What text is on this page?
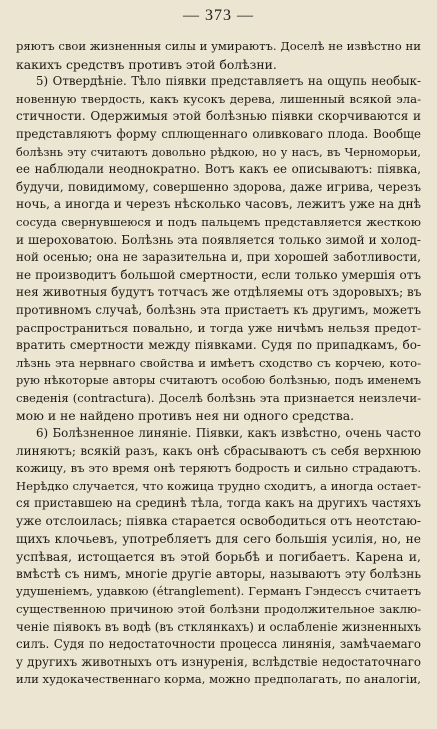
— 373 —
ряютъ свои жизненныя силы и умираютъ. Доселѣ не извѣстно ни
какихъ средствъ противъ этой болѣзни.
5) Отвердѣніе. Тѣло піявки представляетъ на ощупь необык-
новенную твердость, какъ кусокъ дерева, лишенный всякой эла-
стичности. Одержимыя этой болѣзнью піявки скорчиваются и
представляютъ форму сплющеннаго оливковаго плода. Вообще
болѣзнь эту считаютъ довольно рѣдкою, но у насъ, въ Черноморьи,
ее наблюдали неоднократно. Вотъ какъ ее описываютъ: піявка,
будучи, повидимому, совершенно здорова, даже игрива, черезъ
ночь, а иногда и черезъ нѣсколько часовъ, лежитъ уже на днѣ
сосуда свернувшеюся и подъ пальцемъ представляется жесткою
и шероховатою. Болѣзнь эта появляется только зимой и холод-
ной осенью; она не заразительна и, при хорошей заботливости,
не производитъ большой смертности, если только умершія отъ
нея животныя будутъ тотчасъ же отдѣляемы отъ здоровыхъ; въ
противномъ случаѣ, болѣзнь эта пристаетъ къ другимъ, можетъ
распространиться повально, и тогда уже ничѣмъ нельзя предот-
вратить смертности между піявками. Судя по припадкамъ, бо-
лѣзнь эта нервнаго свойства и имѣетъ сходство съ корчею, кото-
рую нѣкоторые авторы считаютъ особою болѣзнью, подъ именемъ
сведенія (contractura). Доселѣ болѣзнь эта признается неизлечи-
мою и не найдено противъ нея ни одного средства.
6) Болѣзненное линяніе. Піявки, какъ извѣстно, очень часто
линяютъ; всякій разъ, какъ онѣ сбрасываютъ съ себя верхнюю
кожицу, въ это время онѣ теряютъ бодрость и сильно страдаютъ.
Нерѣдко случается, что кожица трудно сходитъ, а иногда остает-
ся приставшею на срединѣ тѣла, тогда какъ на другихъ частяхъ
уже отслоилась; піявка старается освободиться отъ неотстаю-
щихъ клочьевъ, употребляетъ для сего большія усилія, но, не
успѣвая, истощается въ этой борьбѣ и погибаетъ. Карена и,
вмѣстѣ съ нимъ, многіе другіе авторы, называютъ эту болѣзнь
удушеніемъ, удавкою (étranglement). Германъ Гэндессъ считаетъ
существенною причиною этой болѣзни продолжительное заклю-
ченіе піявокъ въ водѣ (въ стклянкахъ) и ослабленіе жизненныхъ
силъ. Судя по недостаточности процесса линянія, замѣчаемаго
у другихъ животныхъ отъ изнуренія, вслѣдствіе недостаточнаго
или худокачественнаго корма, можно предполагать, по аналогіи,
